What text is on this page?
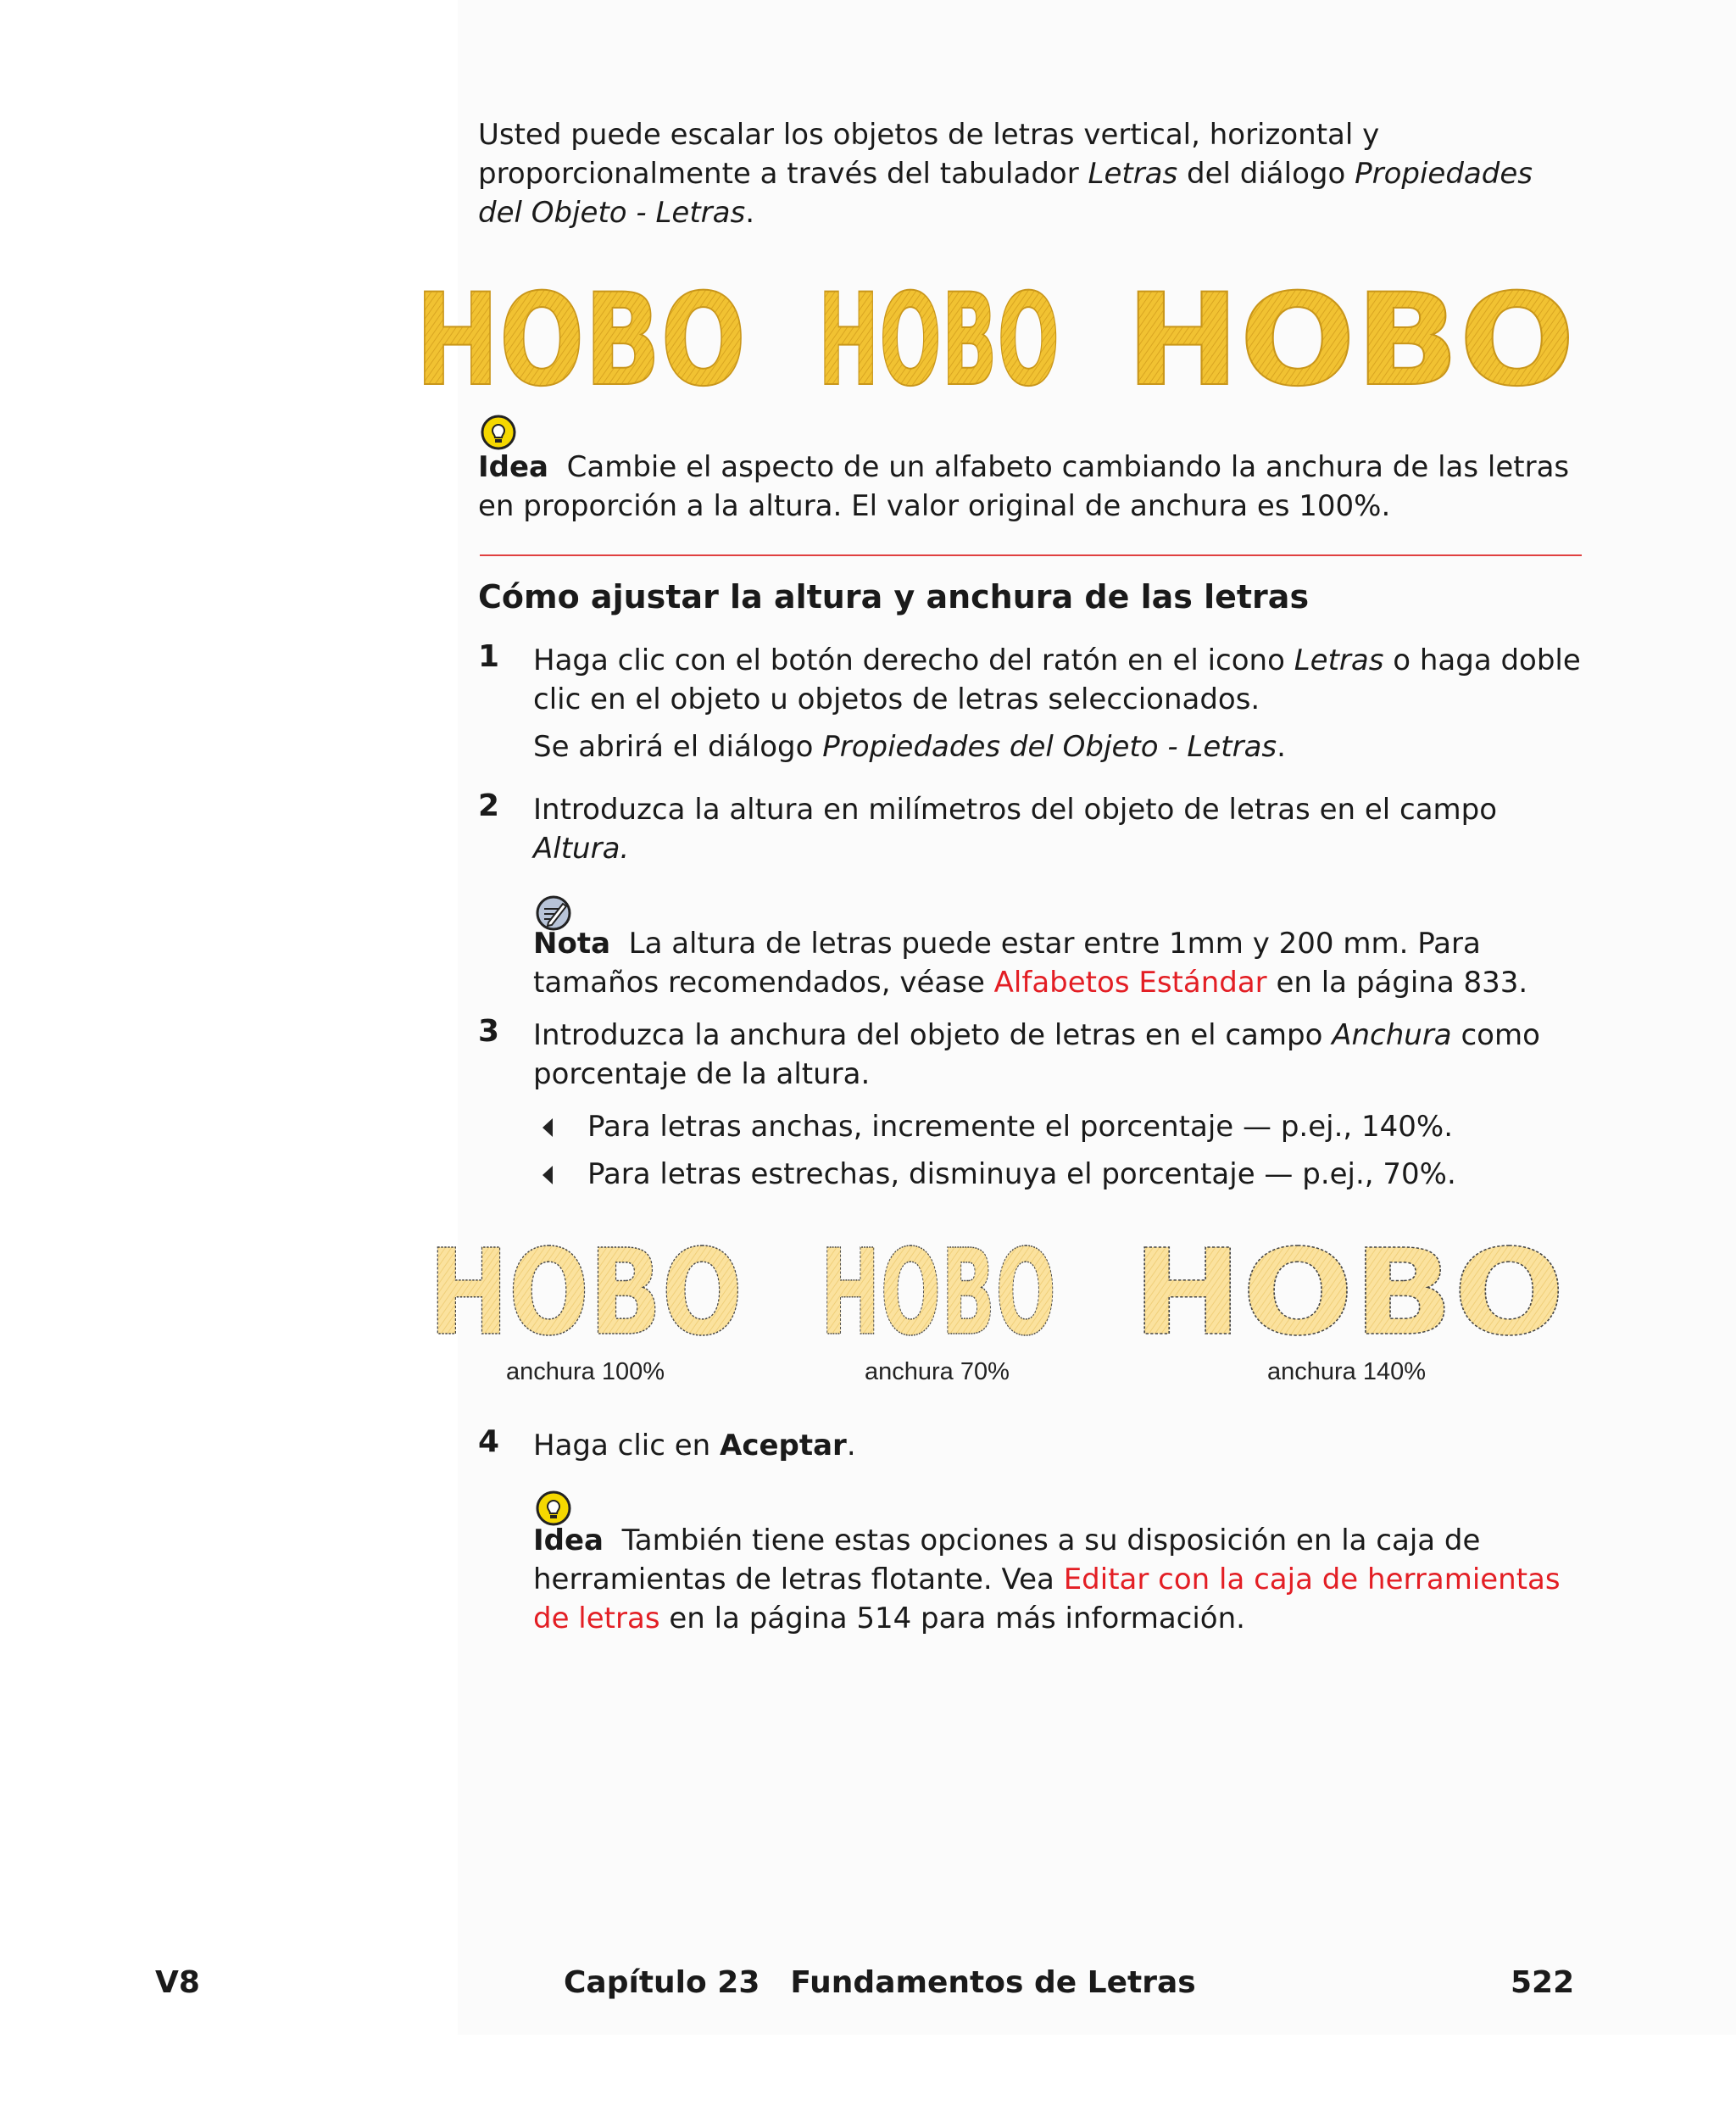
Usted puede escalar los objetos de letras vertical, horizontal y
proporcionalmente a través del tabulador Letras del diálogo Propiedades
del Objeto - Letras.
HOBO HOBO HOBO
Idea Cambie el aspecto de un alfabeto cambiando la anchura de las letras
en proporción a la altura. El valor original de anchura es 100%.
Cómo ajustar la altura y anchura de las letras
1 Haga clic con el botón derecho del ratón en el icono Letras o haga doble
clic en el objeto u objetos de letras seleccionados.
Se abrirá el diálogo Propiedades del Objeto - Letras.
2 Introduzca la altura en milímetros del objeto de letras en el campo
Altura.
Nota La altura de letras puede estar entre 1mm y 200 mm. Para
tamaños recomendados, véase Alfabetos Estándar en la página 833.
3 Introduzca la anchura del objeto de letras en el campo Anchura como
porcentaje de la altura.
Para letras anchas, incremente el porcentaje — p.ej., 140%.
Para letras estrechas, disminuya el porcentaje — p.ej., 70%.
HOBO HOBO HOBO
anchura 100%	anchura 70%	anchura 140%
4 Haga clic en Aceptar.
Idea También tiene estas opciones a su disposición en la caja de
herramientas de letras flotante. Vea Editar con la caja de herramientas
de letras en la página 514 para más información.
V8	Capítulo 23 Fundamentos de Letras	522
